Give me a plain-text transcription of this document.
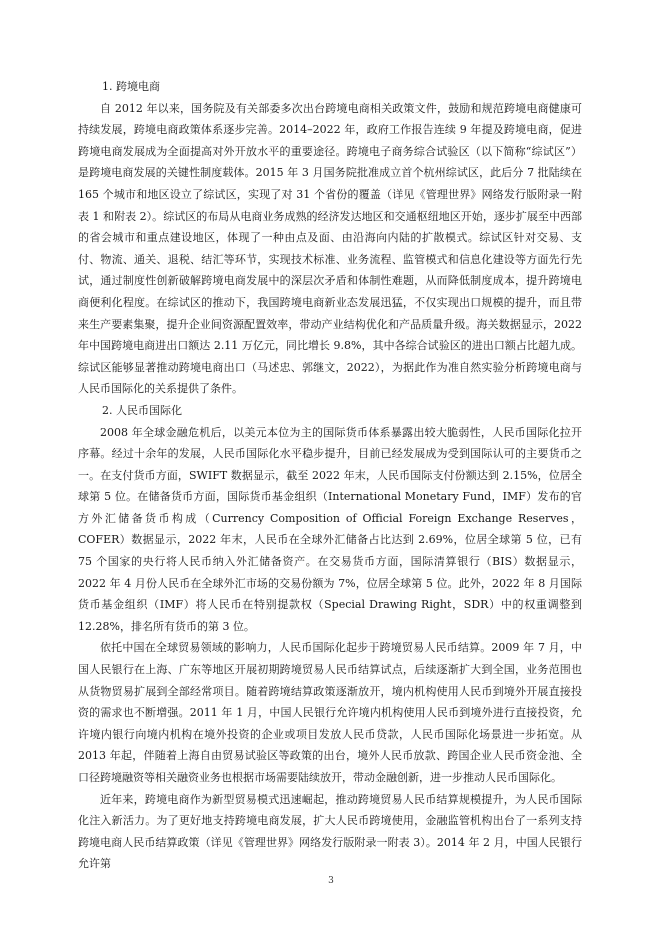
1. 跨境电商

自 2012 年以来，国务院及有关部委多次出台跨境电商相关政策文件，鼓励和规范跨境电商健康可持续发展，跨境电商政策体系逐步完善。2014–2022 年，政府工作报告连续 9 年提及跨境电商，促进跨境电商发展成为全面提高对外开放水平的重要途径。跨境电子商务综合试验区（以下简称“综试区”）是跨境电商发展的关键性制度载体。2015 年 3 月国务院批准成立首个杭州综试区，此后分 7 批陆续在 165 个城市和地区设立了综试区，实现了对 31 个省份的覆盖（详见《管理世界》网络发行版附录一附表 1 和附表 2）。综试区的布局从电商业务成熟的经济发达地区和交通枢纽地区开始，逐步扩展至中西部的省会城市和重点建设地区，体现了一种由点及面、由沿海向内陆的扩散模式。综试区针对交易、支付、物流、通关、退税、结汇等环节，实现技术标准、业务流程、监管模式和信息化建设等方面先行先试，通过制度性创新破解跨境电商发展中的深层次矛盾和体制性难题，从而降低制度成本，提升跨境电商便利化程度。在综试区的推动下，我国跨境电商新业态发展迅猛，不仅实现出口规模的提升，而且带来生产要素集聚，提升企业间资源配置效率，带动产业结构优化和产品质量升级。海关数据显示，2022 年中国跨境电商进出口额达 2.11 万亿元，同比增长 9.8%，其中各综合试验区的进出口额占比超九成。综试区能够显著推动跨境电商出口（马述忠、郭继文，2022），为据此作为准自然实验分析跨境电商与人民币国际化的关系提供了条件。

2. 人民币国际化

2008 年全球金融危机后，以美元本位为主的国际货币体系暴露出较大脆弱性，人民币国际化拉开序幕。经过十余年的发展，人民币国际化水平稳步提升，目前已经发展成为受到国际认可的主要货币之一。在支付货币方面，SWIFT 数据显示，截至 2022 年末，人民币国际支付份额达到 2.15%，位居全球第 5 位。在储备货币方面，国际货币基金组织（International Monetary Fund，IMF）发布的官方外汇储备货币构成（Currency Composition of Official Foreign Exchange Reserves，COFER）数据显示，2022 年末，人民币在全球外汇储备占比达到 2.69%，位居全球第 5 位，已有 75 个国家的央行将人民币纳入外汇储备资产。在交易货币方面，国际清算银行（BIS）数据显示，2022 年 4 月份人民币在全球外汇市场的交易份额为 7%，位居全球第 5 位。此外，2022 年 8 月国际货币基金组织（IMF）将人民币在特别提款权（Special Drawing Right，SDR）中的权重调整到 12.28%，排名所有货币的第 3 位。

依托中国在全球贸易领域的影响力，人民币国际化起步于跨境贸易人民币结算。2009 年 7 月，中国人民银行在上海、广东等地区开展初期跨境贸易人民币结算试点，后续逐渐扩大到全国，业务范围也从货物贸易扩展到全部经常项目。随着跨境结算政策逐渐放开，境内机构使用人民币到境外开展直接投资的需求也不断增强。2011 年 1 月，中国人民银行允许境内机构使用人民币到境外进行直接投资，允许境内银行向境内机构在境外投资的企业或项目发放人民币贷款，人民币国际化场景进一步拓宽。从 2013 年起，伴随着上海自由贸易试验区等政策的出台，境外人民币放款、跨国企业人民币资金池、全口径跨境融资等相关融资业务也根据市场需要陆续放开，带动金融创新，进一步推动人民币国际化。

近年来，跨境电商作为新型贸易模式迅速崛起，推动跨境贸易人民币结算规模提升，为人民币国际化注入新活力。为了更好地支持跨境电商发展，扩大人民币跨境使用，金融监管机构出台了一系列支持跨境电商人民币结算政策（详见《管理世界》网络发行版附录一附表 3）。2014 年 2 月，中国人民银行允许第

3
